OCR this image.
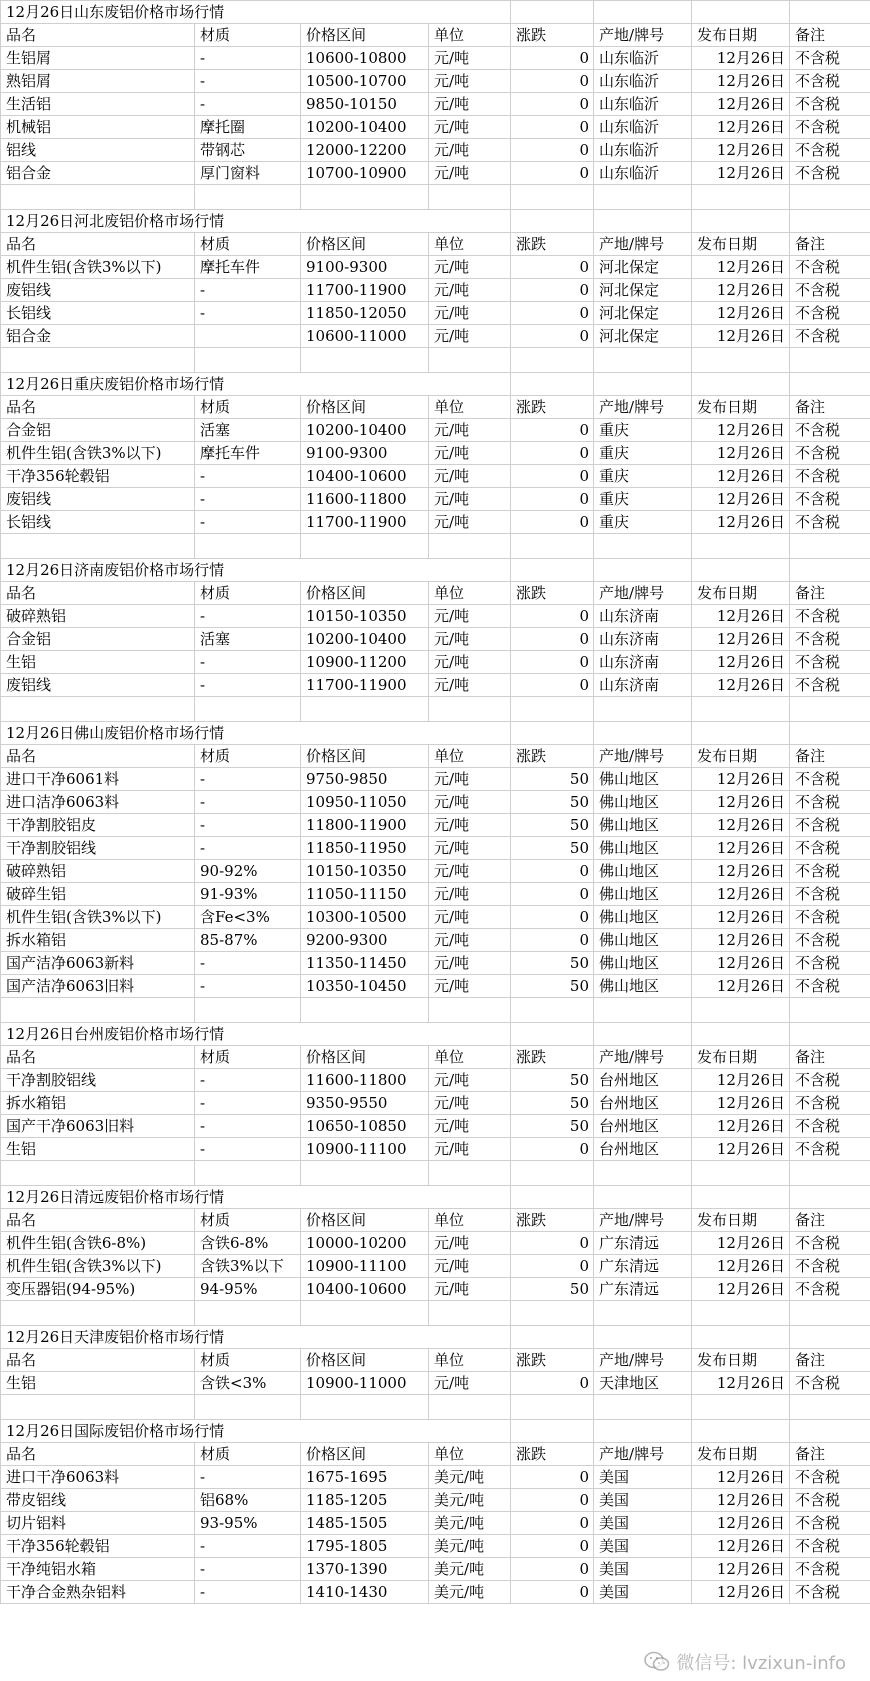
12月26日山东废铝价格市场行情							
品名	材质	价格区间	单位	涨跌	产地/牌号	发布日期	备注
生铝屑	-	10600-10800	元/吨	0	山东临沂	12月26日	不含税
熟铝屑	-	10500-10700	元/吨	0	山东临沂	12月26日	不含税
生活铝	-	9850-10150	元/吨	0	山东临沂	12月26日	不含税
机械铝	摩托圈	10200-10400	元/吨	0	山东临沂	12月26日	不含税
铝线	带钢芯	12000-12200	元/吨	0	山东临沂	12月26日	不含税
铝合金	厚门窗料	10700-10900	元/吨	0	山东临沂	12月26日	不含税

12月26日河北废铝价格市场行情							
品名	材质	价格区间	单位	涨跌	产地/牌号	发布日期	备注
机件生铝(含铁3%以下)	摩托车件	9100-9300	元/吨	0	河北保定	12月26日	不含税
废铝线	-	11700-11900	元/吨	0	河北保定	12月26日	不含税
长铝线	-	11850-12050	元/吨	0	河北保定	12月26日	不含税
铝合金		10600-11000	元/吨	0	河北保定	12月26日	不含税

12月26日重庆废铝价格市场行情							
品名	材质	价格区间	单位	涨跌	产地/牌号	发布日期	备注
合金铝	活塞	10200-10400	元/吨	0	重庆	12月26日	不含税
机件生铝(含铁3%以下)	摩托车件	9100-9300	元/吨	0	重庆	12月26日	不含税
干净356轮毂铝	-	10400-10600	元/吨	0	重庆	12月26日	不含税
废铝线	-	11600-11800	元/吨	0	重庆	12月26日	不含税
长铝线	-	11700-11900	元/吨	0	重庆	12月26日	不含税

12月26日济南废铝价格市场行情							
品名	材质	价格区间	单位	涨跌	产地/牌号	发布日期	备注
破碎熟铝	-	10150-10350	元/吨	0	山东济南	12月26日	不含税
合金铝	活塞	10200-10400	元/吨	0	山东济南	12月26日	不含税
生铝	-	10900-11200	元/吨	0	山东济南	12月26日	不含税
废铝线	-	11700-11900	元/吨	0	山东济南	12月26日	不含税

12月26日佛山废铝价格市场行情							
品名	材质	价格区间	单位	涨跌	产地/牌号	发布日期	备注
进口干净6061料	-	9750-9850	元/吨	50	佛山地区	12月26日	不含税
进口洁净6063料	-	10950-11050	元/吨	50	佛山地区	12月26日	不含税
干净割胶铝皮	-	11800-11900	元/吨	50	佛山地区	12月26日	不含税
干净割胶铝线	-	11850-11950	元/吨	50	佛山地区	12月26日	不含税
破碎熟铝	90-92%	10150-10350	元/吨	0	佛山地区	12月26日	不含税
破碎生铝	91-93%	11050-11150	元/吨	0	佛山地区	12月26日	不含税
机件生铝(含铁3%以下)	含Fe<3%	10300-10500	元/吨	0	佛山地区	12月26日	不含税
拆水箱铝	85-87%	9200-9300	元/吨	0	佛山地区	12月26日	不含税
国产洁净6063新料	-	11350-11450	元/吨	50	佛山地区	12月26日	不含税
国产洁净6063旧料	-	10350-10450	元/吨	50	佛山地区	12月26日	不含税

12月26日台州废铝价格市场行情							
品名	材质	价格区间	单位	涨跌	产地/牌号	发布日期	备注
干净割胶铝线	-	11600-11800	元/吨	50	台州地区	12月26日	不含税
拆水箱铝	-	9350-9550	元/吨	50	台州地区	12月26日	不含税
国产干净6063旧料	-	10650-10850	元/吨	50	台州地区	12月26日	不含税
生铝	-	10900-11100	元/吨	0	台州地区	12月26日	不含税

12月26日清远废铝价格市场行情							
品名	材质	价格区间	单位	涨跌	产地/牌号	发布日期	备注
机件生铝(含铁6-8%)	含铁6-8%	10000-10200	元/吨	0	广东清远	12月26日	不含税
机件生铝(含铁3%以下)	含铁3%以下	10900-11100	元/吨	0	广东清远	12月26日	不含税
变压器铝(94-95%)	94-95%	10400-10600	元/吨	50	广东清远	12月26日	不含税

12月26日天津废铝价格市场行情							
品名	材质	价格区间	单位	涨跌	产地/牌号	发布日期	备注
生铝	含铁<3%	10900-11000	元/吨	0	天津地区	12月26日	不含税

12月26日国际废铝价格市场行情							
品名	材质	价格区间	单位	涨跌	产地/牌号	发布日期	备注
进口干净6063料	-	1675-1695	美元/吨	0	美国	12月26日	不含税
带皮铝线	铝68%	1185-1205	美元/吨	0	美国	12月26日	不含税
切片铝料	93-95%	1485-1505	美元/吨	0	美国	12月26日	不含税
干净356轮毂铝	-	1795-1805	美元/吨	0	美国	12月26日	不含税
干净纯铝水箱	-	1370-1390	美元/吨	0	美国	12月26日	不含税
干净合金熟杂铝料	-	1410-1430	美元/吨	0	美国	12月26日	不含税
微信号: lvzixun-info
